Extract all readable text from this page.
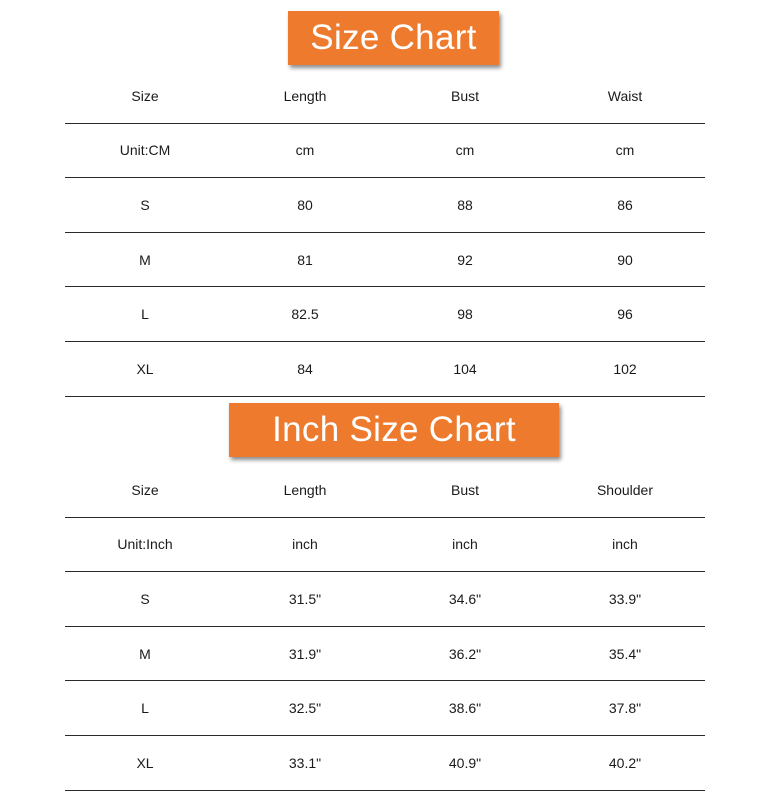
Size Chart
Size	Length	Bust	Waist
Unit:CM	cm	cm	cm
S	80	88	86
M	81	92	90
L	82.5	98	96
XL	84	104	102
Inch Size Chart
Size	Length	Bust	Shoulder
Unit:Inch	inch	inch	inch
S	31.5"	34.6"	33.9"
M	31.9"	36.2"	35.4"
L	32.5"	38.6"	37.8"
XL	33.1"	40.9"	40.2"
